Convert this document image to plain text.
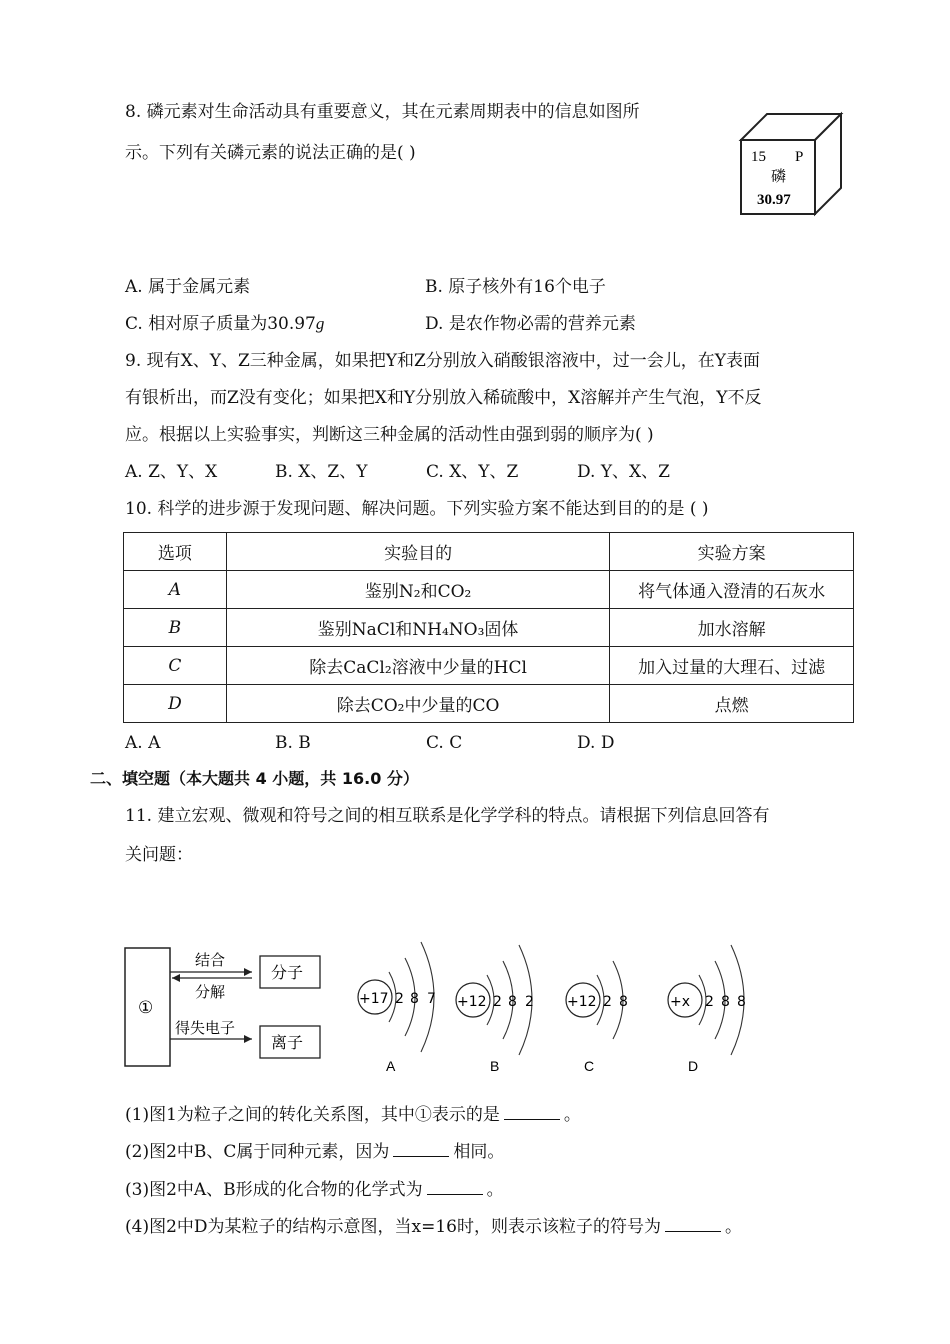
8. 磷元素对生命活动具有重要意义，其在元素周期表中的信息如图所
示。下列有关磷元素的说法正确的是( )	15 P
磷
30.97
A. 属于金属元素	B. 原子核外有16个电子
C. 相对原子质量为30.97g	D. 是农作物必需的营养元素
9. 现有X、Y、Z三种金属，如果把Y和Z分别放入硝酸银溶液中，过一会儿，在Y表面
有银析出，而Z没有变化；如果把X和Y分别放入稀硫酸中，X溶解并产生气泡，Y不反
应。根据以上实验事实，判断这三种金属的活动性由强到弱的顺序为( )
A. Z、Y、X	B. X、Z、Y	C. X、Y、Z	D. Y、X、Z
10. 科学的进步源于发现问题、解决问题。下列实验方案不能达到目的的是 ( )
选项	实验目的	实验方案
A	鉴别N₂和CO₂	将气体通入澄清的石灰水
B	鉴别NaCl和NH₄NO₃固体	加水溶解
C	除去CaCl₂溶液中少量的HCl	加入过量的大理石、过滤
D	除去CO₂中少量的CO	点燃
A. A	B. B	C. C	D. D
二、填空题（本大题共 4 小题，共 16.0 分）
11. 建立宏观、微观和符号之间的相互联系是化学学科的特点。请根据下列信息回答有
关问题：
①
结合
分解
分子
得失电子
离子
+17 2 8 7
A
+12 2 8 2
B
+12 2 8
C
+x 2 8 8
D
(1)图1为粒子之间的转化关系图，其中①表示的是	。
(2)图2中B、C属于同种元素，因为	相同。
(3)图2中A、B形成的化合物的化学式为	。
(4)图2中D为某粒子的结构示意图，当x=16时，则表示该粒子的符号为	。
